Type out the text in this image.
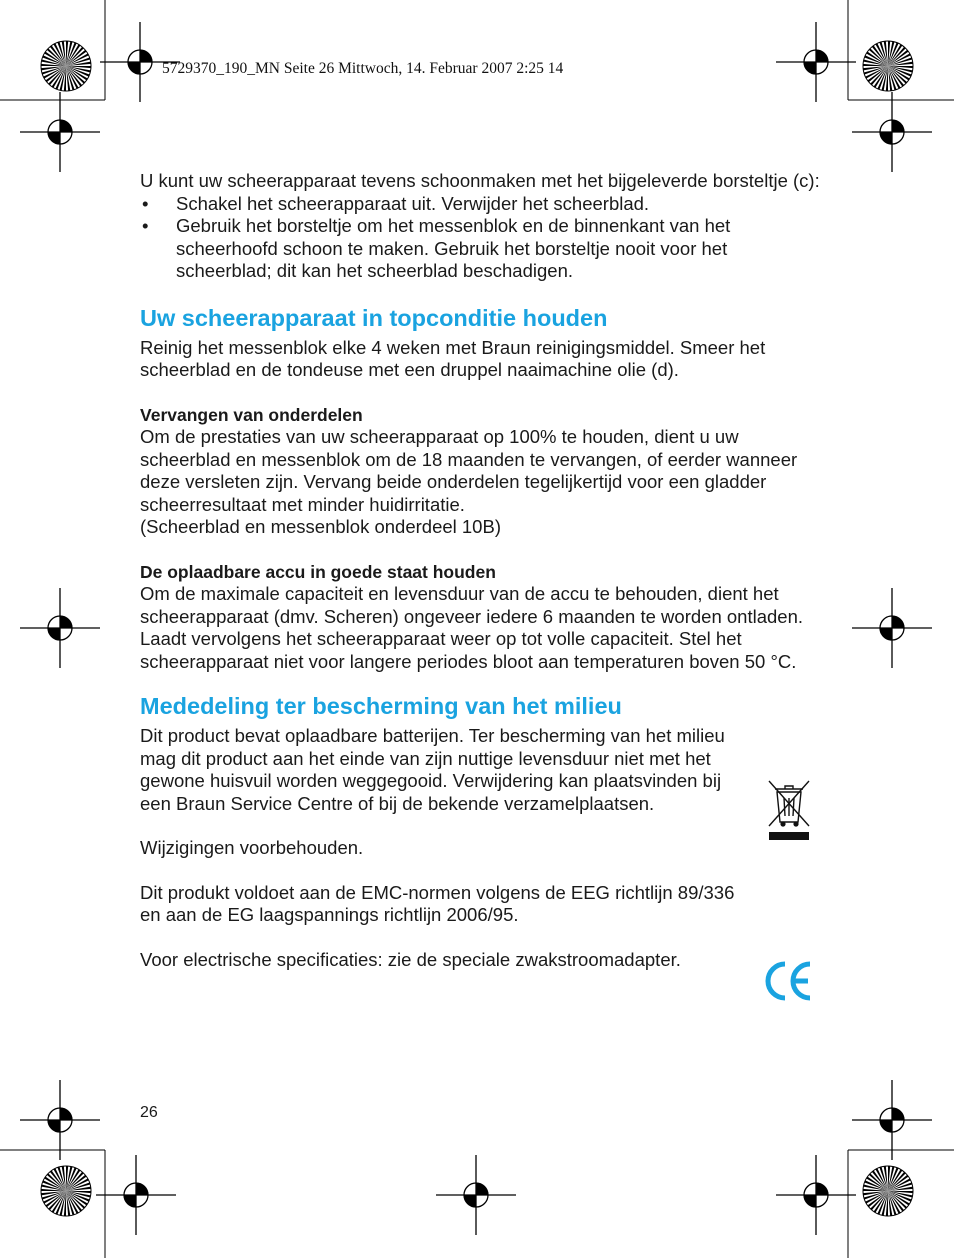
5729370_190_MN Seite 26 Mittwoch, 14. Februar 2007 2:25 14

U kunt uw scheerapparaat tevens schoonmaken met het bijgeleverde borsteltje (c):

• Schakel het scheerapparaat uit. Verwijder het scheerblad.
• Gebruik het borsteltje om het messenblok en de binnenkant van het scheerhoofd schoon te maken. Gebruik het borsteltje nooit voor het scheerblad; dit kan het scheerblad beschadigen.
Uw scheerapparaat in topconditie houden

Reinig het messenblok elke 4 weken met Braun reinigingsmiddel. Smeer het scheerblad en de tondeuse met een druppel naaimachine olie (d).

Vervangen van onderdelen

Om de prestaties van uw scheerapparaat op 100% te houden, dient u uw scheerblad en messenblok om de 18 maanden te vervangen, of eerder wanneer deze versleten zijn. Vervang beide onderdelen tegelijkertijd voor een gladder scheerresultaat met minder huidirritatie.

(Scheerblad en messenblok onderdeel 10B)

De oplaadbare accu in goede staat houden

Om de maximale capaciteit en levensduur van de accu te behouden, dient het scheerapparaat (dmv. Scheren) ongeveer iedere 6 maanden te worden ontladen. Laadt vervolgens het scheerapparaat weer op tot volle capaciteit. Stel het scheerapparaat niet voor langere periodes bloot aan temperaturen boven 50 °C.

Mededeling ter bescherming van het milieu

Dit product bevat oplaadbare batterijen. Ter bescherming van het milieu mag dit product aan het einde van zijn nuttige levensduur niet met het gewone huisvuil worden weggegooid. Verwijdering kan plaatsvinden bij een Braun Service Centre of bij de bekende verzamelplaatsen.

Wijzigingen voorbehouden.

Dit produkt voldoet aan de EMC-normen volgens de EEG richtlijn 89/336 en aan de EG laagspannings richtlijn 2006/95.

Voor electrische specificaties: zie de speciale zwakstroomadapter.

26
